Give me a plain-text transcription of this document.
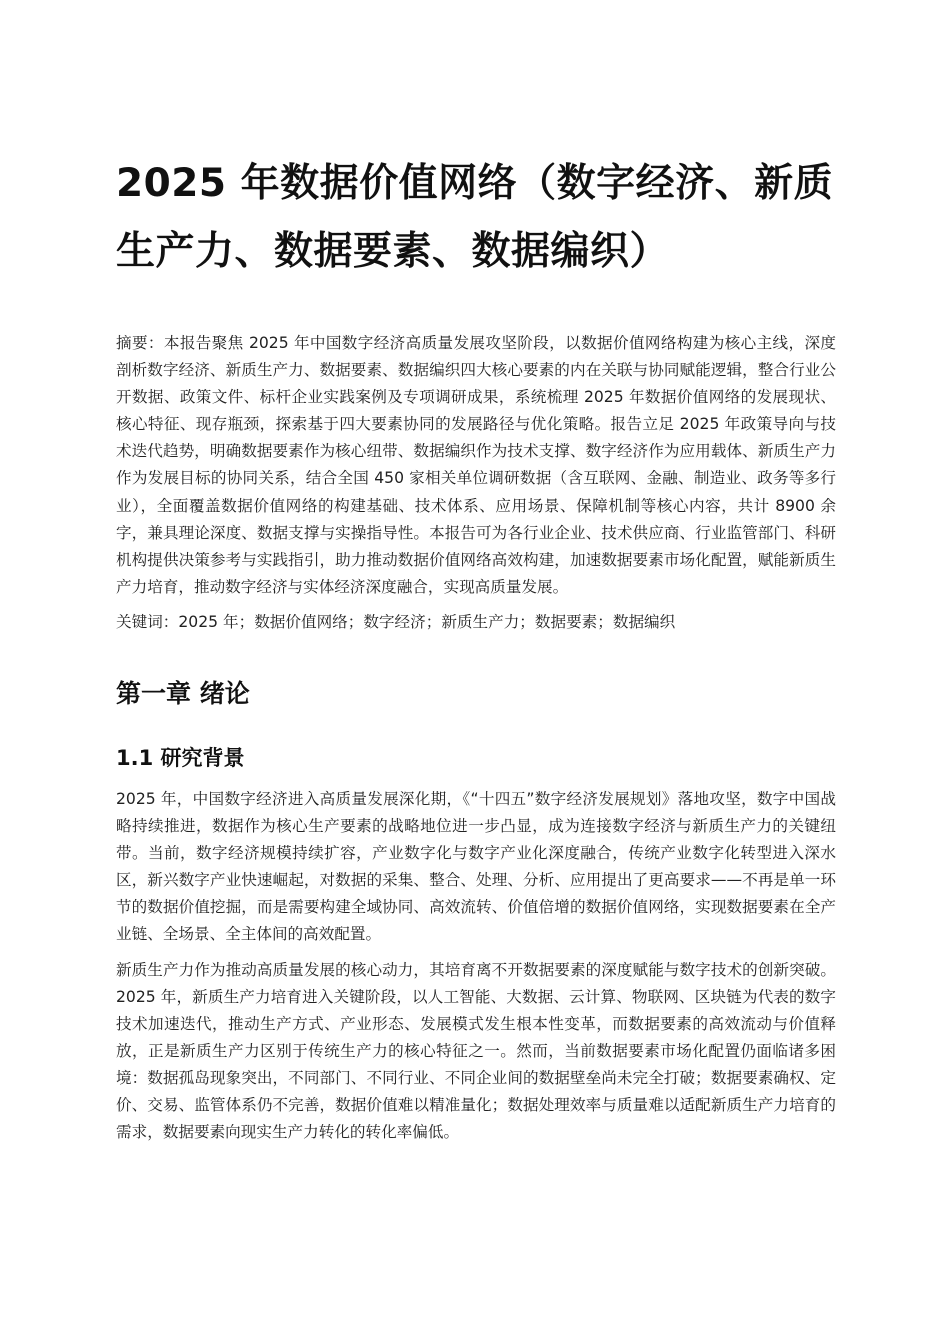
2025 年数据价值网络（数字经济、新质生产力、数据要素、数据编织）

摘要：本报告聚焦 2025 年中国数字经济高质量发展攻坚阶段，以数据价值网络构建为核心主线，深度剖析数字经济、新质生产力、数据要素、数据编织四大核心要素的内在关联与协同赋能逻辑，整合行业公开数据、政策文件、标杆企业实践案例及专项调研成果，系统梳理 2025 年数据价值网络的发展现状、核心特征、现存瓶颈，探索基于四大要素协同的发展路径与优化策略。报告立足 2025 年政策导向与技术迭代趋势，明确数据要素作为核心纽带、数据编织作为技术支撑、数字经济作为应用载体、新质生产力作为发展目标的协同关系，结合全国 450 家相关单位调研数据（含互联网、金融、制造业、政务等多行业），全面覆盖数据价值网络的构建基础、技术体系、应用场景、保障机制等核心内容，共计 8900 余字，兼具理论深度、数据支撑与实操指导性。本报告可为各行业企业、技术供应商、行业监管部门、科研机构提供决策参考与实践指引，助力推动数据价值网络高效构建，加速数据要素市场化配置，赋能新质生产力培育，推动数字经济与实体经济深度融合，实现高质量发展。

关键词：2025 年；数据价值网络；数字经济；新质生产力；数据要素；数据编织

第一章 绪论
1.1 研究背景

2025 年，中国数字经济进入高质量发展深化期，《“十四五”数字经济发展规划》落地攻坚，数字中国战略持续推进，数据作为核心生产要素的战略地位进一步凸显，成为连接数字经济与新质生产力的关键纽带。当前，数字经济规模持续扩容，产业数字化与数字产业化深度融合，传统产业数字化转型进入深水区，新兴数字产业快速崛起，对数据的采集、整合、处理、分析、应用提出了更高要求——不再是单一环节的数据价值挖掘，而是需要构建全域协同、高效流转、价值倍增的数据价值网络，实现数据要素在全产业链、全场景、全主体间的高效配置。

新质生产力作为推动高质量发展的核心动力，其培育离不开数据要素的深度赋能与数字技术的创新突破。2025 年，新质生产力培育进入关键阶段，以人工智能、大数据、云计算、物联网、区块链为代表的数字技术加速迭代，推动生产方式、产业形态、发展模式发生根本性变革，而数据要素的高效流动与价值释放，正是新质生产力区别于传统生产力的核心特征之一。然而，当前数据要素市场化配置仍面临诸多困境：数据孤岛现象突出，不同部门、不同行业、不同企业间的数据壁垒尚未完全打破；数据要素确权、定价、交易、监管体系仍不完善，数据价值难以精准量化；数据处理效率与质量难以适配新质生产力培育的需求，数据要素向现实生产力转化的转化率偏低。
